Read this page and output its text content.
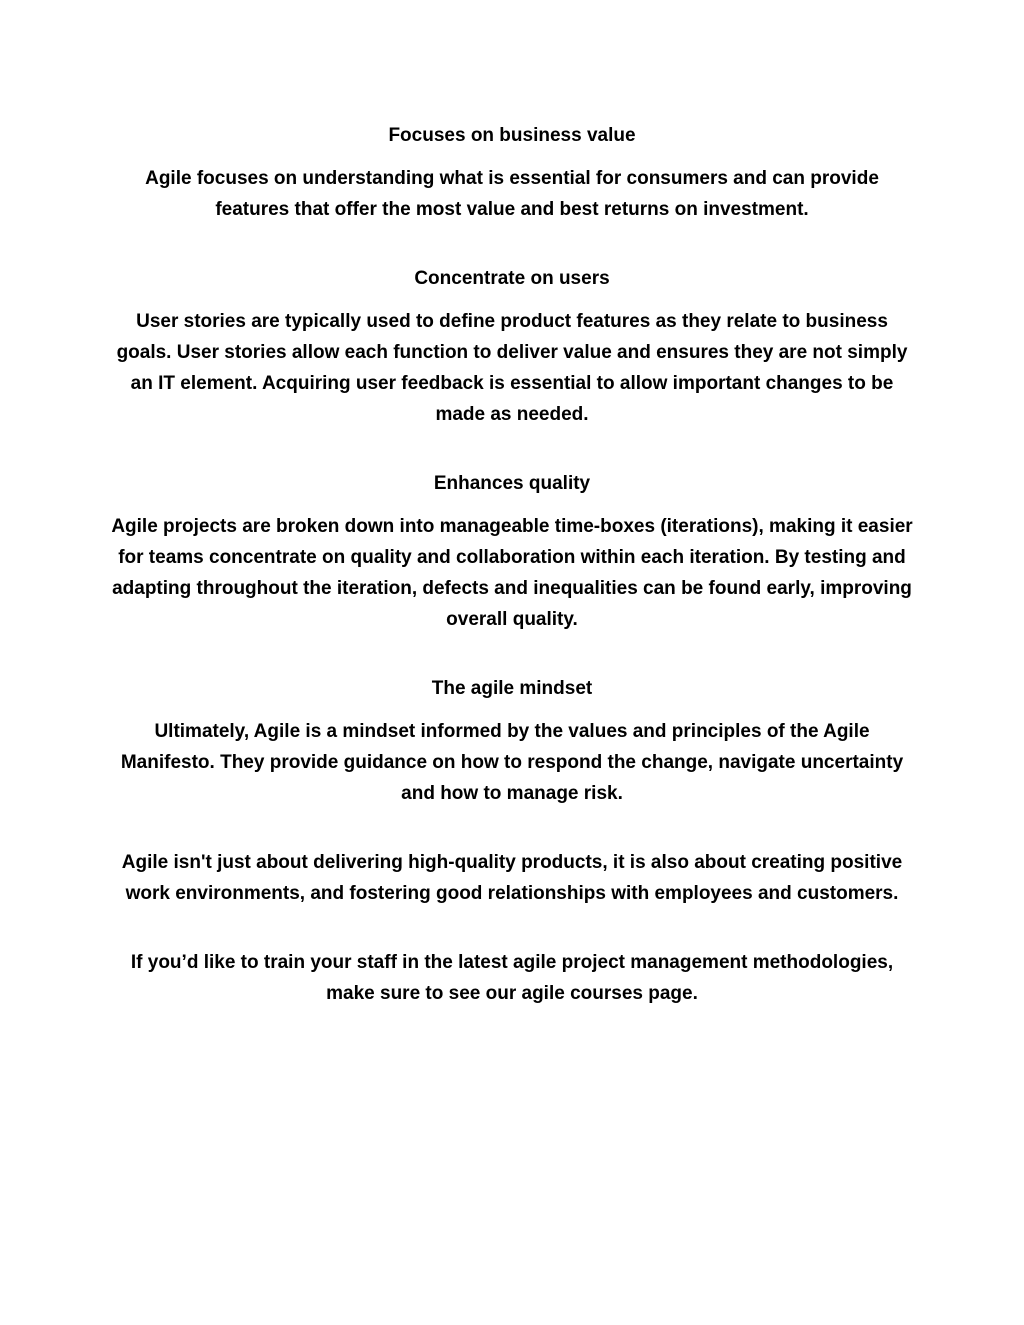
Focuses on business value

Agile focuses on understanding what is essential for consumers and can provide features that offer the most value and best returns on investment.

Concentrate on users

User stories are typically used to define product features as they relate to business goals. User stories allow each function to deliver value and ensures they are not simply an IT element. Acquiring user feedback is essential to allow important changes to be made as needed.

Enhances quality

Agile projects are broken down into manageable time-boxes (iterations), making it easier for teams concentrate on quality and collaboration within each iteration. By testing and adapting throughout the iteration, defects and inequalities can be found early, improving overall quality.

The agile mindset

Ultimately, Agile is a mindset informed by the values and principles of the Agile Manifesto. They provide guidance on how to respond the change, navigate uncertainty and how to manage risk.

Agile isn't just about delivering high-quality products, it is also about creating positive work environments, and fostering good relationships with employees and customers.

If you’d like to train your staff in the latest agile project management methodologies, make sure to see our agile courses page.
